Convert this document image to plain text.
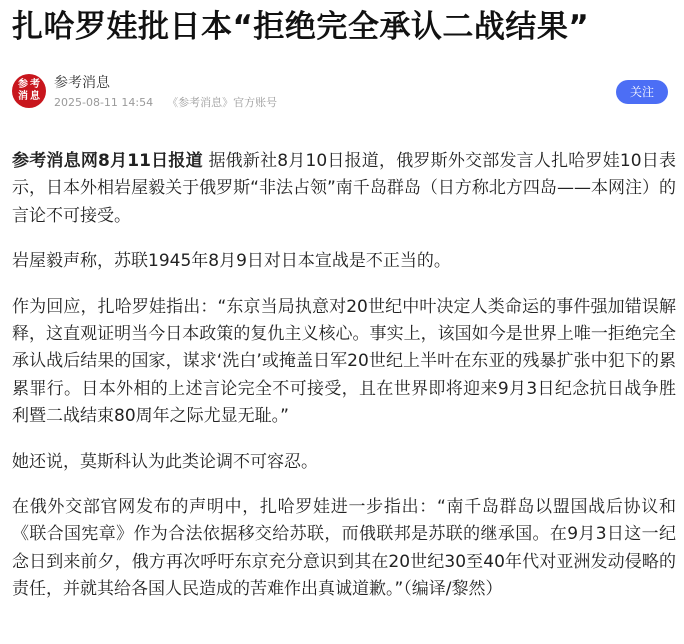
扎哈罗娃批日本“拒绝完全承认二战结果”
参 考
消 息
参考消息
2025-08-11 14:54 《参考消息》官方账号
关注

参考消息网8月11日报道 据俄新社8月10日报道，俄罗斯外交部发言人扎哈罗娃10日表示，日本外相岩屋毅关于俄罗斯“非法占领”南千岛群岛（日方称北方四岛——本网注）的言论不可接受。

岩屋毅声称，苏联1945年8月9日对日本宣战是不正当的。

作为回应，扎哈罗娃指出：“东京当局执意对20世纪中叶决定人类命运的事件强加错误解释，这直观证明当今日本政策的复仇主义核心。事实上，该国如今是世界上唯一拒绝完全承认战后结果的国家，谋求‘洗白’或掩盖日军20世纪上半叶在东亚的残暴扩张中犯下的累累罪行。日本外相的上述言论完全不可接受，且在世界即将迎来9月3日纪念抗日战争胜利暨二战结束80周年之际尤显无耻。”

她还说，莫斯科认为此类论调不可容忍。

在俄外交部官网发布的声明中，扎哈罗娃进一步指出：“南千岛群岛以盟国战后协议和《联合国宪章》作为合法依据移交给苏联，而俄联邦是苏联的继承国。在9月3日这一纪念日到来前夕，俄方再次呼吁东京充分意识到其在20世纪30至40年代对亚洲发动侵略的责任，并就其给各国人民造成的苦难作出真诚道歉。”（编译/黎然）
